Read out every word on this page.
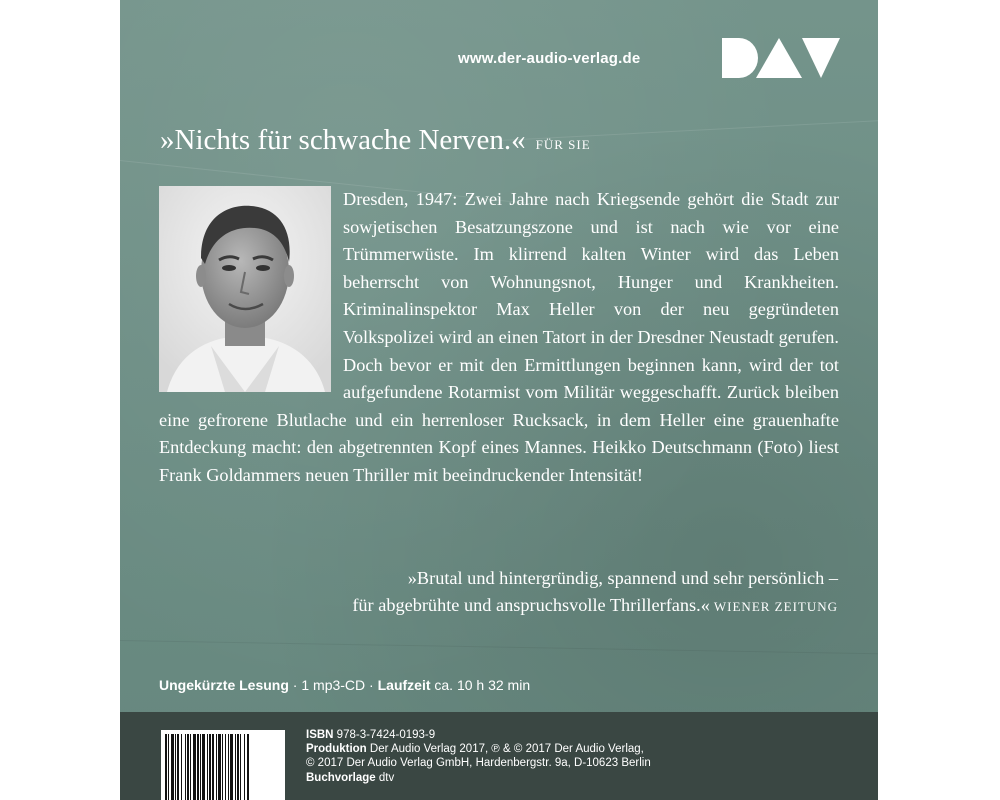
www.der-audio-verlag.de
»Nichts für schwache Nerven.« FÜR SIE

Dresden, 1947: Zwei Jahre nach Kriegsende gehört die Stadt zur sowjetischen Besatzungszone und ist nach wie vor eine Trümmerwüste. Im klirrend kalten Winter wird das Leben beherrscht von Wohnungsnot, Hunger und Krankheiten. Kriminalinspektor Max Heller von der neu gegründeten Volkspolizei wird an einen Tatort in der Dresdner Neustadt gerufen. Doch bevor er mit den Ermittlungen beginnen kann, wird der tot aufgefundene Rotarmist vom Militär weggeschafft. Zurück bleiben eine gefrorene Blutlache und ein herrenloser Rucksack, in dem Heller eine grauenhafte Entdeckung macht: den abgetrennten Kopf eines Mannes. Heikko Deutschmann (Foto) liest Frank Goldammers neuen Thriller mit beeindruckender Intensität!

»Brutal und hintergründig, spannend und sehr persönlich –
für abgebrühte und anspruchsvolle Thrillerfans.« WIENER ZEITUNG
Ungekürzte Lesung · 1 mp3-CD · Laufzeit ca. 10 h 32 min
ISBN 978-3-7424-0193-9
Produktion Der Audio Verlag 2017, ℗ & © 2017 Der Audio Verlag,
© 2017 Der Audio Verlag GmbH, Hardenbergstr. 9a, D-10623 Berlin
Buchvorlage dtv
